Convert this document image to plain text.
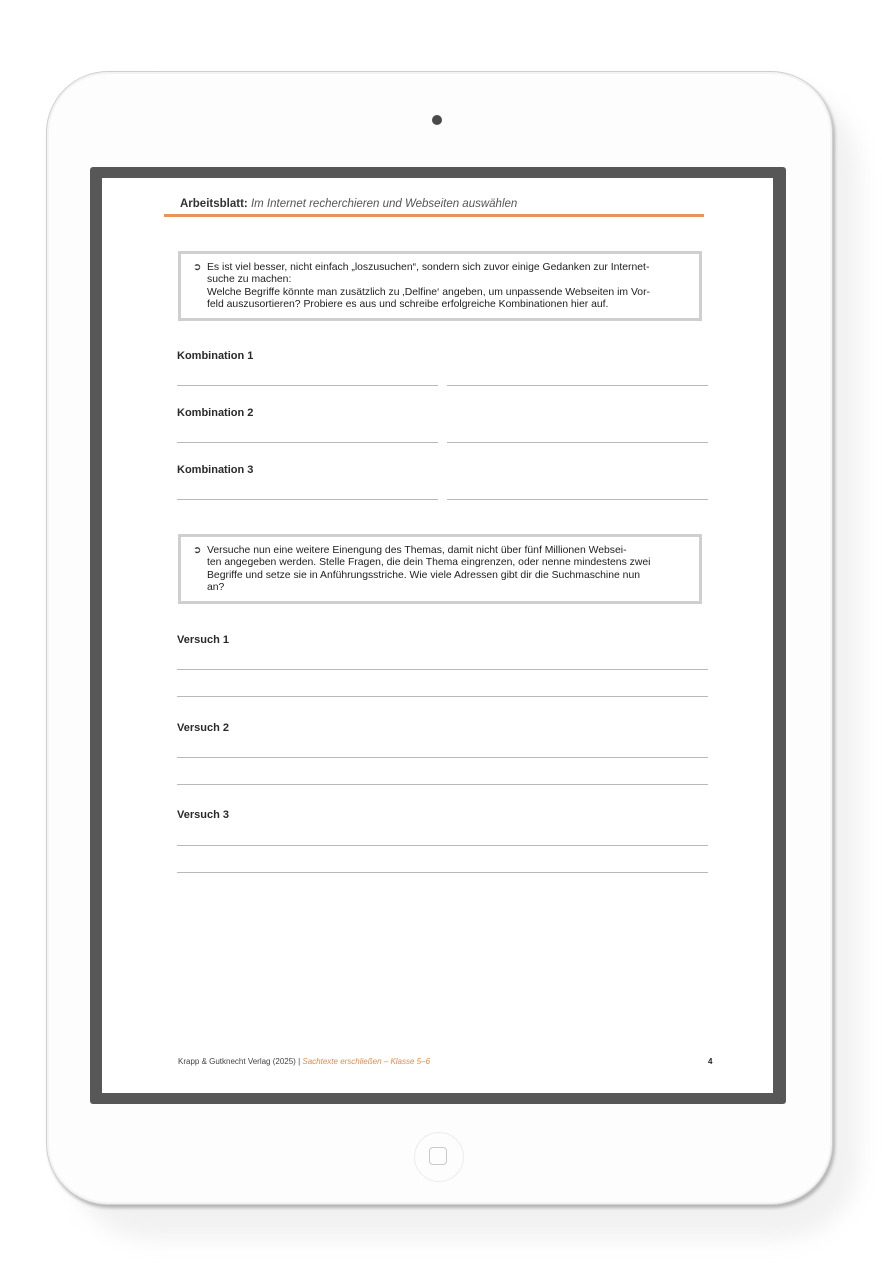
Arbeitsblatt: Im Internet recherchieren und Webseiten auswählen
➲ Es ist viel besser, nicht einfach „loszusuchen“, sondern sich zuvor einige Gedanken zur Internet-
suche zu machen:
Welche Begriffe könnte man zusätzlich zu ‚Delfine‘ angeben, um unpassende Webseiten im Vor-
feld auszusortieren? Probiere es aus und schreibe erfolgreiche Kombinationen hier auf.
Kombination 1
Kombination 2
Kombination 3
➲ Versuche nun eine weitere Einengung des Themas, damit nicht über fünf Millionen Websei-
ten angegeben werden. Stelle Fragen, die dein Thema eingrenzen, oder nenne mindestens zwei
Begriffe und setze sie in Anführungsstriche. Wie viele Adressen gibt dir die Suchmaschine nun
an?
Versuch 1
Versuch 2
Versuch 3
Krapp & Gutknecht Verlag (2025) | Sachtexte erschließen – Klasse 5–6	4
